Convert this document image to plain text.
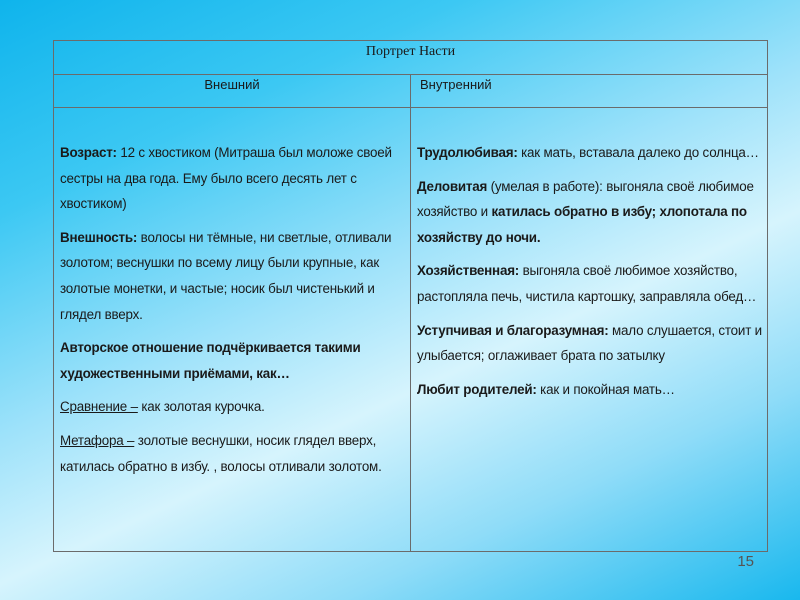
Портрет Насти
Внешний	Внутренний

Возраст: 12 с хвостиком (Митраша был моложе своей сестры на два года. Ему было всего десять лет с хвостиком)

Внешность: волосы ни тёмные, ни светлые, отливали золотом; веснушки по всему лицу были крупные, как золотые монетки, и частые; носик был чистенький и глядел вверх.

Авторское отношение подчёркивается такими художественными приёмами, как…

Сравнение – как золотая курочка.

Метафора – золотые веснушки, носик глядел вверх, катилась обратно в избу. , волосы отливали золотом.

Трудолюбивая: как мать, вставала далеко до солнца…

Деловитая (умелая в работе): выгоняла своё любимое хозяйство и катилась обратно в избу; хлопотала по хозяйству до ночи.

Хозяйственная: выгоняла своё любимое хозяйство, растопляла печь, чистила картошку, заправляла обед…

Уступчивая и благоразумная: мало слушается, стоит и улыбается; оглаживает брата по затылку

Любит родителей: как и покойная мать…

15
